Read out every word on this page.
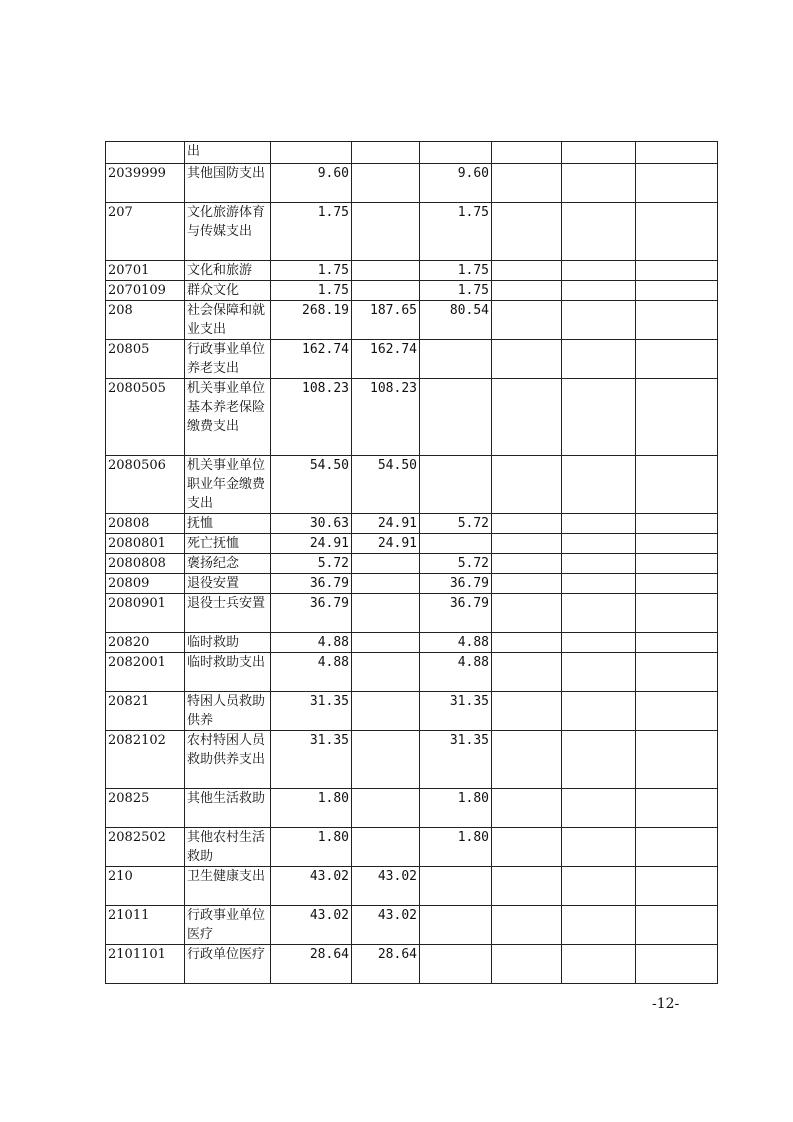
	出						
2039999	其他国防支出	9.60		9.60			
207	文化旅游体育与传媒支出	1.75		1.75			
20701	文化和旅游	1.75		1.75			
2070109	群众文化	1.75		1.75			
208	社会保障和就业支出	268.19	187.65	80.54			
20805	行政事业单位养老支出	162.74	162.74				
2080505	机关事业单位基本养老保险缴费支出	108.23	108.23				
2080506	机关事业单位职业年金缴费支出	54.50	54.50				
20808	抚恤	30.63	24.91	5.72			
2080801	死亡抚恤	24.91	24.91				
2080808	褒扬纪念	5.72		5.72			
20809	退役安置	36.79		36.79			
2080901	退役士兵安置	36.79		36.79			
20820	临时救助	4.88		4.88			
2082001	临时救助支出	4.88		4.88			
20821	特困人员救助供养	31.35		31.35			
2082102	农村特困人员救助供养支出	31.35		31.35			
20825	其他生活救助	1.80		1.80			
2082502	其他农村生活救助	1.80		1.80			
210	卫生健康支出	43.02	43.02				
21011	行政事业单位医疗	43.02	43.02				
2101101	行政单位医疗	28.64	28.64				
-12-
